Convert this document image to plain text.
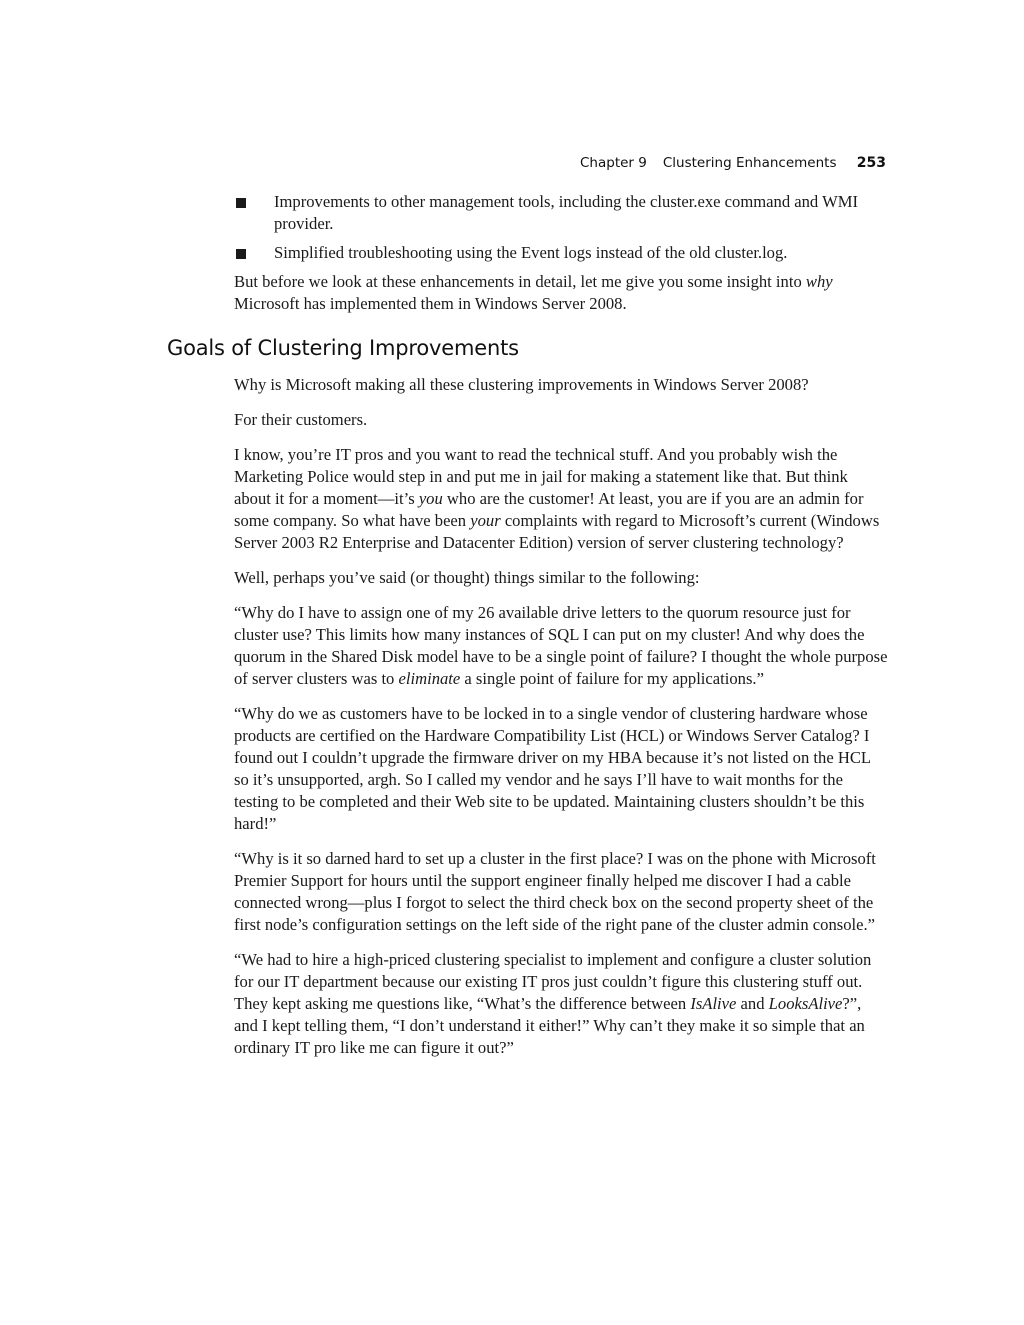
Chapter 9 Clustering Enhancements	253
Improvements to other management tools, including the cluster.exe command and WMI provider.
Simplified troubleshooting using the Event logs instead of the old cluster.log.

But before we look at these enhancements in detail, let me give you some insight into why Microsoft has implemented them in Windows Server 2008.

Goals of Clustering Improvements

Why is Microsoft making all these clustering improvements in Windows Server 2008?

For their customers.

I know, you’re IT pros and you want to read the technical stuff. And you probably wish the Marketing Police would step in and put me in jail for making a statement like that. But think about it for a moment—it’s you who are the customer! At least, you are if you are an admin for some company. So what have been your complaints with regard to Microsoft’s current (Windows Server 2003 R2 Enterprise and Datacenter Edition) version of server clustering technology?

Well, perhaps you’ve said (or thought) things similar to the following:

“Why do I have to assign one of my 26 available drive letters to the quorum resource just for cluster use? This limits how many instances of SQL I can put on my cluster! And why does the quorum in the Shared Disk model have to be a single point of failure? I thought the whole purpose of server clusters was to eliminate a single point of failure for my applications.”

“Why do we as customers have to be locked in to a single vendor of clustering hardware whose products are certified on the Hardware Compatibility List (HCL) or Windows Server Catalog? I found out I couldn’t upgrade the firmware driver on my HBA because it’s not listed on the HCL so it’s unsupported, argh. So I called my vendor and he says I’ll have to wait months for the testing to be completed and their Web site to be updated. Maintaining clusters shouldn’t be this hard!”

“Why is it so darned hard to set up a cluster in the first place? I was on the phone with Microsoft Premier Support for hours until the support engineer finally helped me discover I had a cable connected wrong—plus I forgot to select the third check box on the second property sheet of the first node’s configuration settings on the left side of the right pane of the cluster admin console.”

“We had to hire a high-priced clustering specialist to implement and configure a cluster solution for our IT department because our existing IT pros just couldn’t figure this clustering stuff out. They kept asking me questions like, “What’s the difference between IsAlive and LooksAlive?”, and I kept telling them, “I don’t understand it either!” Why can’t they make it so simple that an ordinary IT pro like me can figure it out?”
